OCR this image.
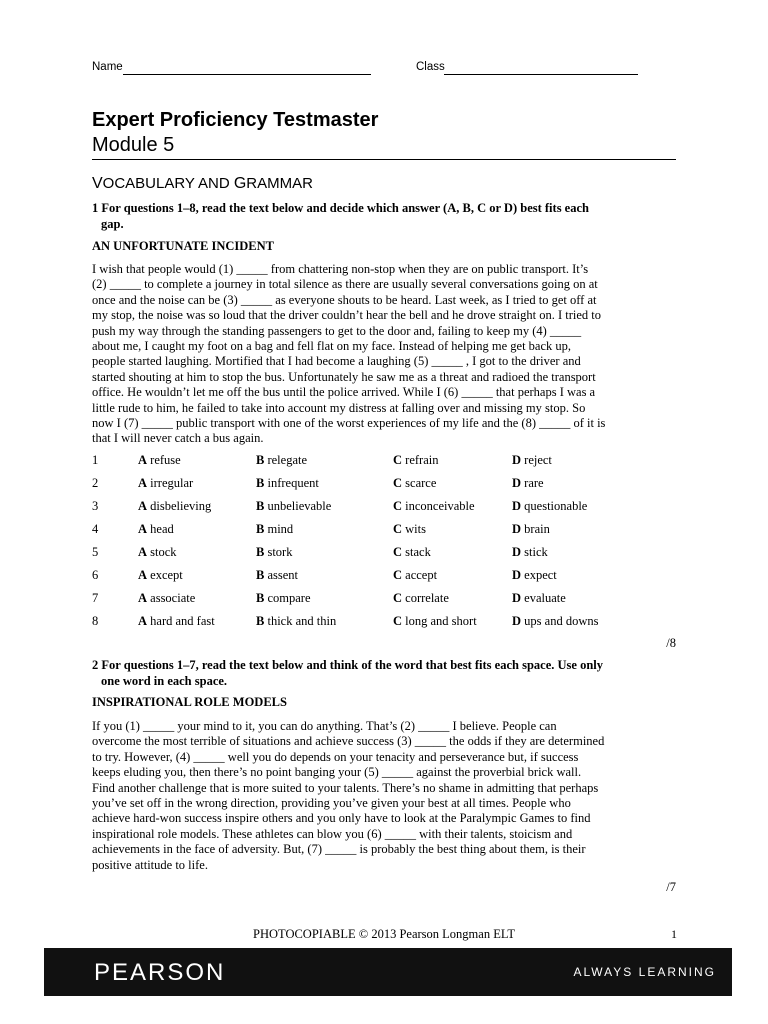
Name	Class
Expert Proficiency Testmaster
Module 5
VOCABULARY AND GRAMMAR
1 For questions 1–8, read the text below and decide which answer (A, B, C or D) best fits each
gap.
AN UNFORTUNATE INCIDENT
I wish that people would (1) _____ from chattering non-stop when they are on public transport. It’s
(2) _____ to complete a journey in total silence as there are usually several conversations going on at
once and the noise can be (3) _____ as everyone shouts to be heard. Last week, as I tried to get off at
my stop, the noise was so loud that the driver couldn’t hear the bell and he drove straight on. I tried to
push my way through the standing passengers to get to the door and, failing to keep my (4) _____
about me, I caught my foot on a bag and fell flat on my face. Instead of helping me get back up,
people started laughing. Mortified that I had become a laughing (5) _____ , I got to the driver and
started shouting at him to stop the bus. Unfortunately he saw me as a threat and radioed the transport
office. He wouldn’t let me off the bus until the police arrived. While I (6) _____ that perhaps I was a
little rude to him, he failed to take into account my distress at falling over and missing my stop. So
now I (7) _____ public transport with one of the worst experiences of my life and the (8) _____ of it is
that I will never catch a bus again.
1	A refuse	B relegate	C refrain	D reject
2	A irregular	B infrequent	C scarce	D rare
3	A disbelieving	B unbelievable	C inconceivable	D questionable
4	A head	B mind	C wits	D brain
5	A stock	B stork	C stack	D stick
6	A except	B assent	C accept	D expect
7	A associate	B compare	C correlate	D evaluate
8	A hard and fast	B thick and thin	C long and short	D ups and downs
/8
2 For questions 1–7, read the text below and think of the word that best fits each space. Use only
one word in each space.
INSPIRATIONAL ROLE MODELS
If you (1) _____ your mind to it, you can do anything. That’s (2) _____ I believe. People can
overcome the most terrible of situations and achieve success (3) _____ the odds if they are determined
to try. However, (4) _____ well you do depends on your tenacity and perseverance but, if success
keeps eluding you, then there’s no point banging your (5) _____ against the proverbial brick wall.
Find another challenge that is more suited to your talents. There’s no shame in admitting that perhaps
you’ve set off in the wrong direction, providing you’ve given your best at all times. People who
achieve hard-won success inspire others and you only have to look at the Paralympic Games to find
inspirational role models. These athletes can blow you (6) _____ with their talents, stoicism and
achievements in the face of adversity. But, (7) _____ is probably the best thing about them, is their
positive attitude to life.
/7
PHOTOCOPIABLE © 2013 Pearson Longman ELT	1
PEARSON	ALWAYS LEARNING
